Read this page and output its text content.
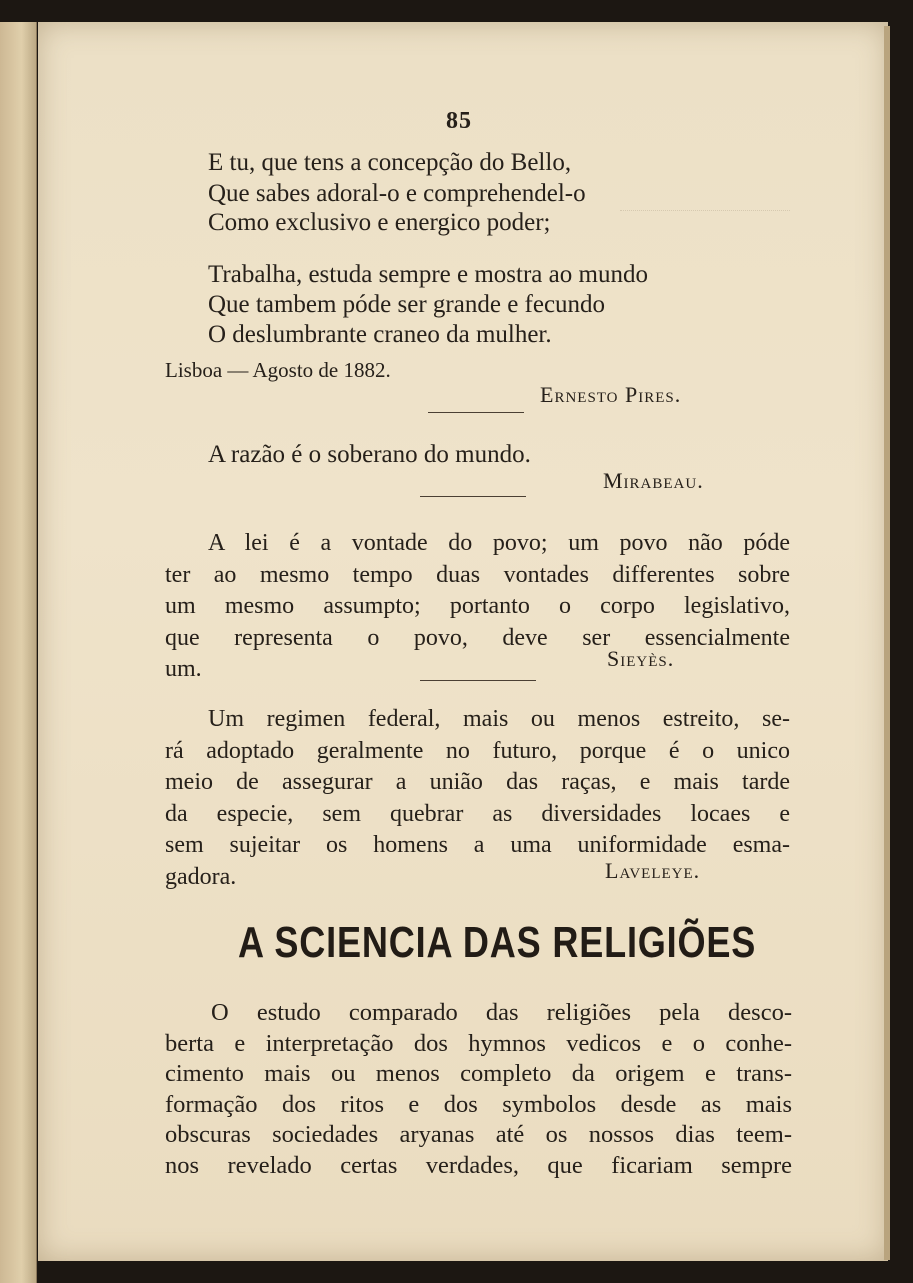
85
E tu, que tens a concepção do Bello,
Que sabes adoral-o e comprehendel-o
Como exclusivo e energico poder;
Trabalha, estuda sempre e mostra ao mundo
Que tambem póde ser grande e fecundo
O deslumbrante craneo da mulher.
Lisboa — Agosto de 1882.
Ernesto Pires.
A razão é o soberano do mundo.
Mirabeau.
A lei é a vontade do povo; um povo não póde
ter ao mesmo tempo duas vontades differentes sobre
um mesmo assumpto; portanto o corpo legislativo,
que representa o povo, deve ser essencialmente
um.	Sieyès.
Um regimen federal, mais ou menos estreito, se-
rá adoptado geralmente no futuro, porque é o unico
meio de assegurar a união das raças, e mais tarde
da especie, sem quebrar as diversidades locaes e
sem sujeitar os homens a uma uniformidade esma-
gadora.	Laveleye.
A SCIENCIA DAS RELIGIÕES
O estudo comparado das religiões pela desco-
berta e interpretação dos hymnos vedicos e o conhe-
cimento mais ou menos completo da origem e trans-
formação dos ritos e dos symbolos desde as mais
obscuras sociedades aryanas até os nossos dias teem-
nos revelado certas verdades, que ficariam sempre
